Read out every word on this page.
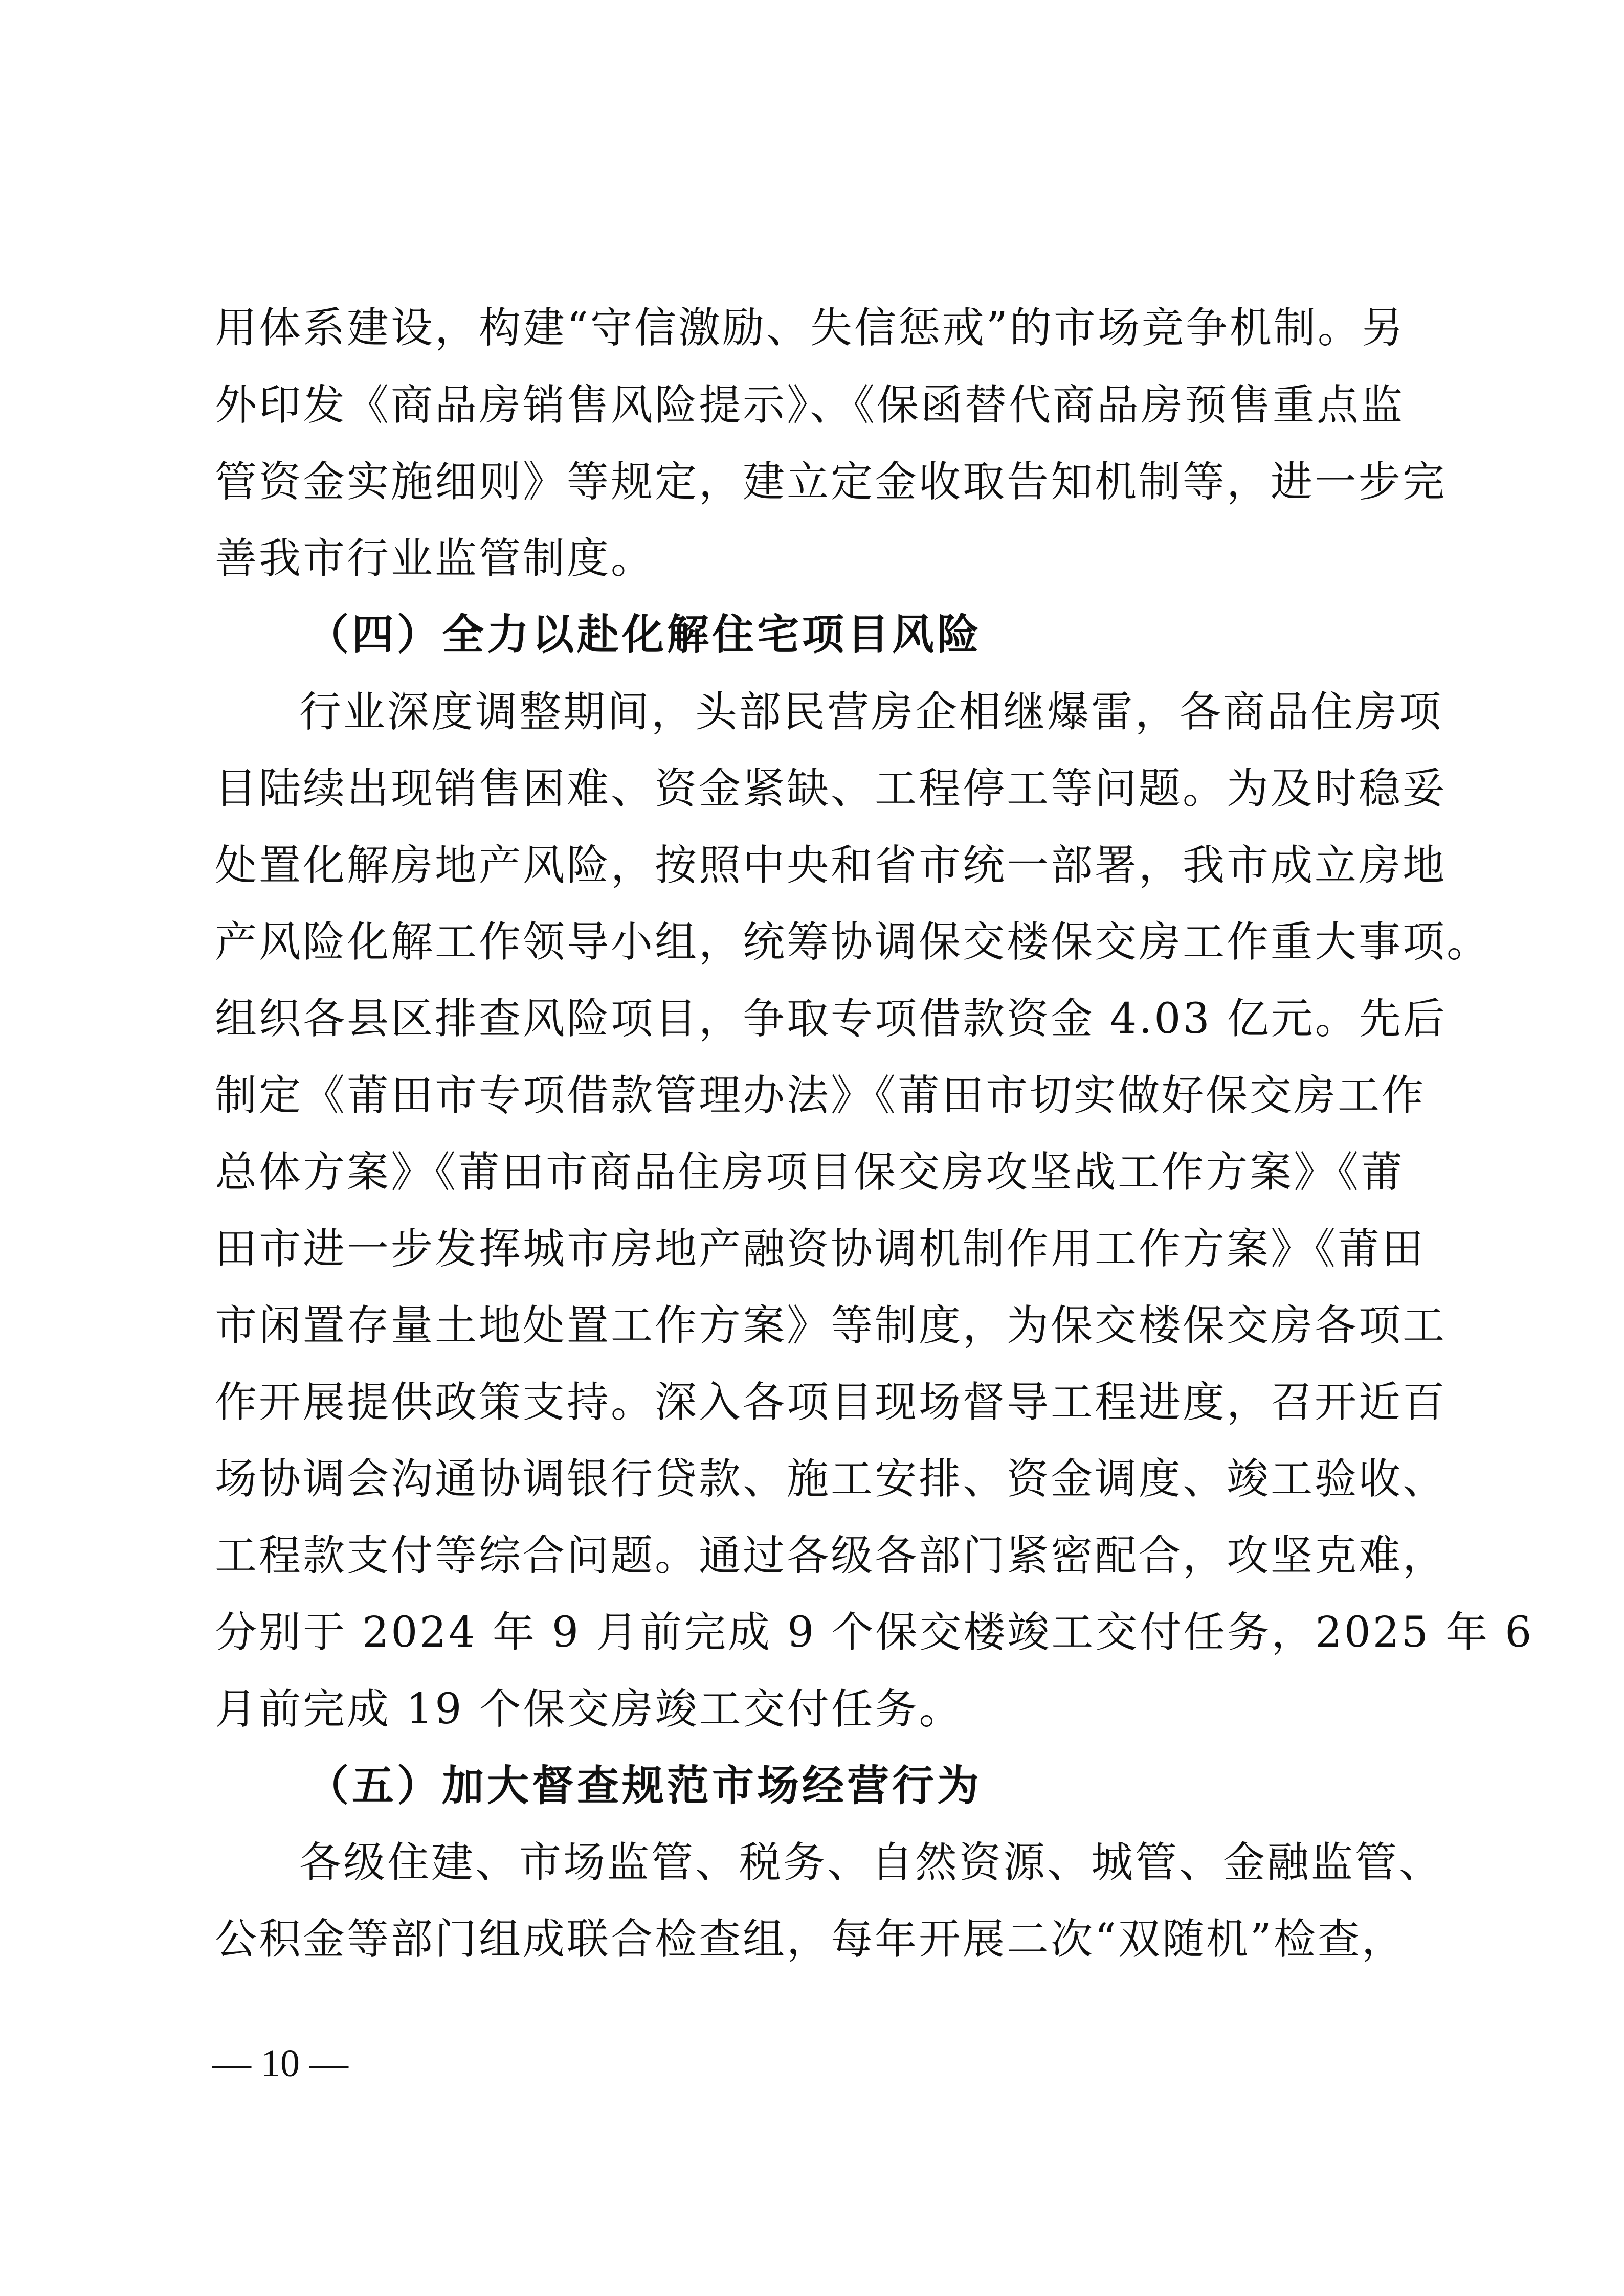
用体系建设，构建“守信激励、失信惩戒”的市场竞争机制。另
外印发《商品房销售风险提示》、《保函替代商品房预售重点监
管资金实施细则》等规定，建立定金收取告知机制等，进一步完
善我市行业监管制度。
（四）全力以赴化解住宅项目风险
行业深度调整期间，头部民营房企相继爆雷，各商品住房项
目陆续出现销售困难、资金紧缺、工程停工等问题。为及时稳妥
处置化解房地产风险，按照中央和省市统一部署，我市成立房地
产风险化解工作领导小组，统筹协调保交楼保交房工作重大事项。
组织各县区排查风险项目，争取专项借款资金 4.03 亿元。先后
制定《莆田市专项借款管理办法》《莆田市切实做好保交房工作
总体方案》《莆田市商品住房项目保交房攻坚战工作方案》《莆
田市进一步发挥城市房地产融资协调机制作用工作方案》《莆田
市闲置存量土地处置工作方案》等制度，为保交楼保交房各项工
作开展提供政策支持。深入各项目现场督导工程进度，召开近百
场协调会沟通协调银行贷款、施工安排、资金调度、竣工验收、
工程款支付等综合问题。通过各级各部门紧密配合，攻坚克难，
分别于 2024 年 9 月前完成 9 个保交楼竣工交付任务，2025 年 6
月前完成 19 个保交房竣工交付任务。
（五）加大督查规范市场经营行为
各级住建、市场监管、税务、自然资源、城管、金融监管、
公积金等部门组成联合检查组，每年开展二次“双随机”检查，
— 10 —
